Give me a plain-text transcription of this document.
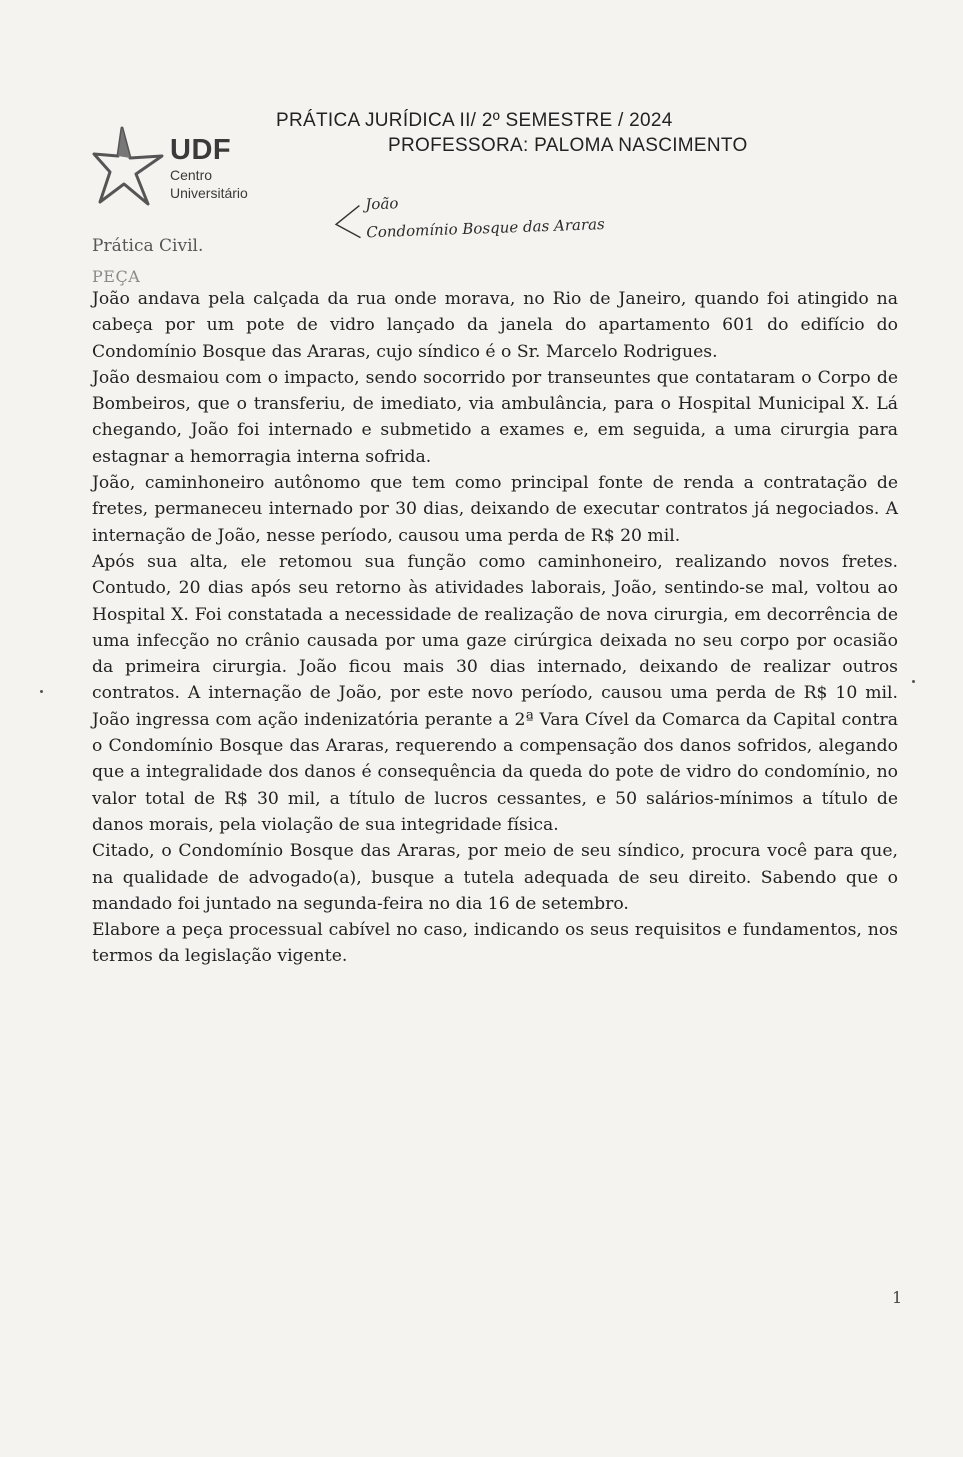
UDF
Centro
Universitário
PRÁTICA JURÍDICA II/ 2º SEMESTRE / 2024
PROFESSORA: PALOMA NASCIMENTO
João
Condomínio Bosque das Araras
Prática Civil.
PEÇA

João andava pela calçada da rua onde morava, no Rio de Janeiro, quando foi atingido na cabeça por um pote de vidro lançado da janela do apartamento 601 do edifício do Condomínio Bosque das Araras, cujo síndico é o Sr. Marcelo Rodrigues.

João desmaiou com o impacto, sendo socorrido por transeuntes que contataram o Corpo de Bombeiros, que o transferiu, de imediato, via ambulância, para o Hospital Municipal X. Lá chegando, João foi internado e submetido a exames e, em seguida, a uma cirurgia para estagnar a hemorragia interna sofrida.

João, caminhoneiro autônomo que tem como principal fonte de renda a contratação de fretes, permaneceu internado por 30 dias, deixando de executar contratos já negociados. A internação de João, nesse período, causou uma perda de R$ 20 mil.

Após sua alta, ele retomou sua função como caminhoneiro, realizando novos fretes. Contudo, 20 dias após seu retorno às atividades laborais, João, sentindo-se mal, voltou ao Hospital X. Foi constatada a necessidade de realização de nova cirurgia, em decorrência de uma infecção no crânio causada por uma gaze cirúrgica deixada no seu corpo por ocasião da primeira cirurgia. João ficou mais 30 dias internado, deixando de realizar outros contratos. A internação de João, por este novo período, causou uma perda de R$ 10 mil. João ingressa com ação indenizatória perante a 2ª Vara Cível da Comarca da Capital contra o Condomínio Bosque das Araras, requerendo a compensação dos danos sofridos, alegando que a integralidade dos danos é consequência da queda do pote de vidro do condomínio, no valor total de R$ 30 mil, a título de lucros cessantes, e 50 salários-mínimos a título de danos morais, pela violação de sua integridade física.

Citado, o Condomínio Bosque das Araras, por meio de seu síndico, procura você para que, na qualidade de advogado(a), busque a tutela adequada de seu direito. Sabendo que o mandado foi juntado na segunda-feira no dia 16 de setembro.

Elabore a peça processual cabível no caso, indicando os seus requisitos e fundamentos, nos termos da legislação vigente.

1
